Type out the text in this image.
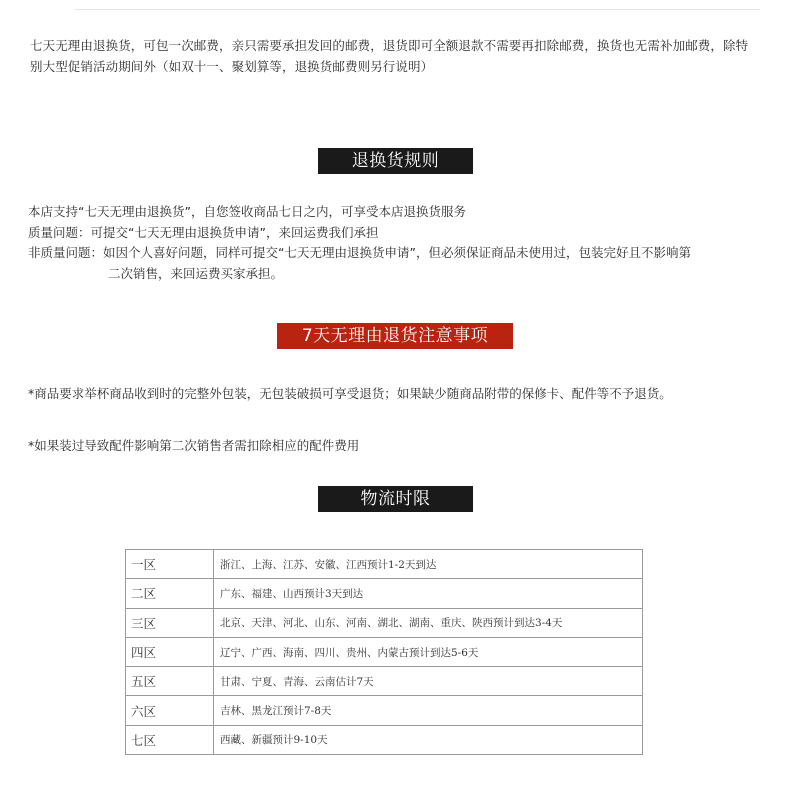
七天无理由退换货，可包一次邮费，亲只需要承担发回的邮费，退货即可全额退款不需要再扣除邮费，换货也无需补加邮费，除特别大型促销活动期间外（如双十一、聚划算等，退换货邮费则另行说明）
退换货规则
本店支持“七天无理由退换货”，自您签收商品七日之内，可享受本店退换货服务
质量问题：可提交“七天无理由退换货申请”，来回运费我们承担
非质量问题：如因个人喜好问题，同样可提交“七天无理由退换货申请”，但必须保证商品未使用过，包装完好且不影响第
二次销售，来回运费买家承担。
7天无理由退货注意事项
*商品要求举杯商品收到时的完整外包装，无包装破损可享受退货；如果缺少随商品附带的保修卡、配件等不予退货。
*如果装过导致配件影响第二次销售者需扣除相应的配件费用
物流时限
一区	浙江、上海、江苏、安徽、江西预计1-2天到达
二区	广东、福建、山西预计3天到达
三区	北京、天津、河北、山东、河南、湖北、湖南、重庆、陕西预计到达3-4天
四区	辽宁、广西、海南、四川、贵州、内蒙古预计到达5-6天
五区	甘肃、宁夏、青海、云南估计7天
六区	吉林、黑龙江预计7-8天
七区	西藏、新疆预计9-10天
